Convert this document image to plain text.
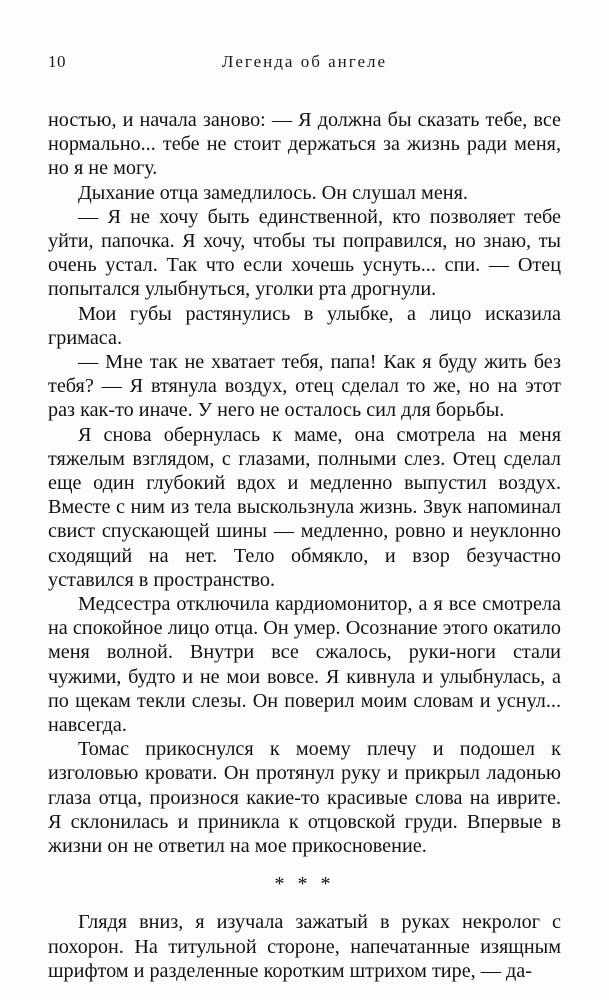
10	Легенда об ангеле

ностью, и начала заново: — Я должна бы сказать тебе, все нормально... тебе не стоит держаться за жизнь ради меня, но я не могу.

Дыхание отца замедлилось. Он слушал меня.

— Я не хочу быть единственной, кто позволяет тебе уйти, папочка. Я хочу, чтобы ты поправился, но знаю, ты очень устал. Так что если хочешь уснуть... спи. — Отец попытался улыбнуться, уголки рта дрогнули.

Мои губы растянулись в улыбке, а лицо исказила гримаса.

— Мне так не хватает тебя, папа! Как я буду жить без тебя? — Я втянула воздух, отец сделал то же, но на этот раз как-то иначе. У него не осталось сил для борьбы.

Я снова обернулась к маме, она смотрела на меня тяжелым взглядом, с глазами, полными слез. Отец сделал еще один глубокий вдох и медленно выпустил воздух. Вместе с ним из тела выскользнула жизнь. Звук напоминал свист спускающей шины — медленно, ровно и неуклонно сходящий на нет. Тело обмякло, и взор безучастно уставился в пространство.

Медсестра отключила кардиомонитор, а я все смотрела на спокойное лицо отца. Он умер. Осознание этого окатило меня волной. Внутри все сжалось, руки-ноги стали чужими, будто и не мои вовсе. Я кивнула и улыбнулась, а по щекам текли слезы. Он поверил моим словам и уснул... навсегда.

Томас прикоснулся к моему плечу и подошел к изголовью кровати. Он протянул руку и прикрыл ладонью глаза отца, произнося какие-то красивые слова на иврите. Я склонилась и приникла к отцовской груди. Впервые в жизни он не ответил на мое прикосновение.

* * *

Глядя вниз, я изучала зажатый в руках некролог с похорон. На титульной стороне, напечатанные изящным шрифтом и разделенные коротким штрихом тире, — да-
